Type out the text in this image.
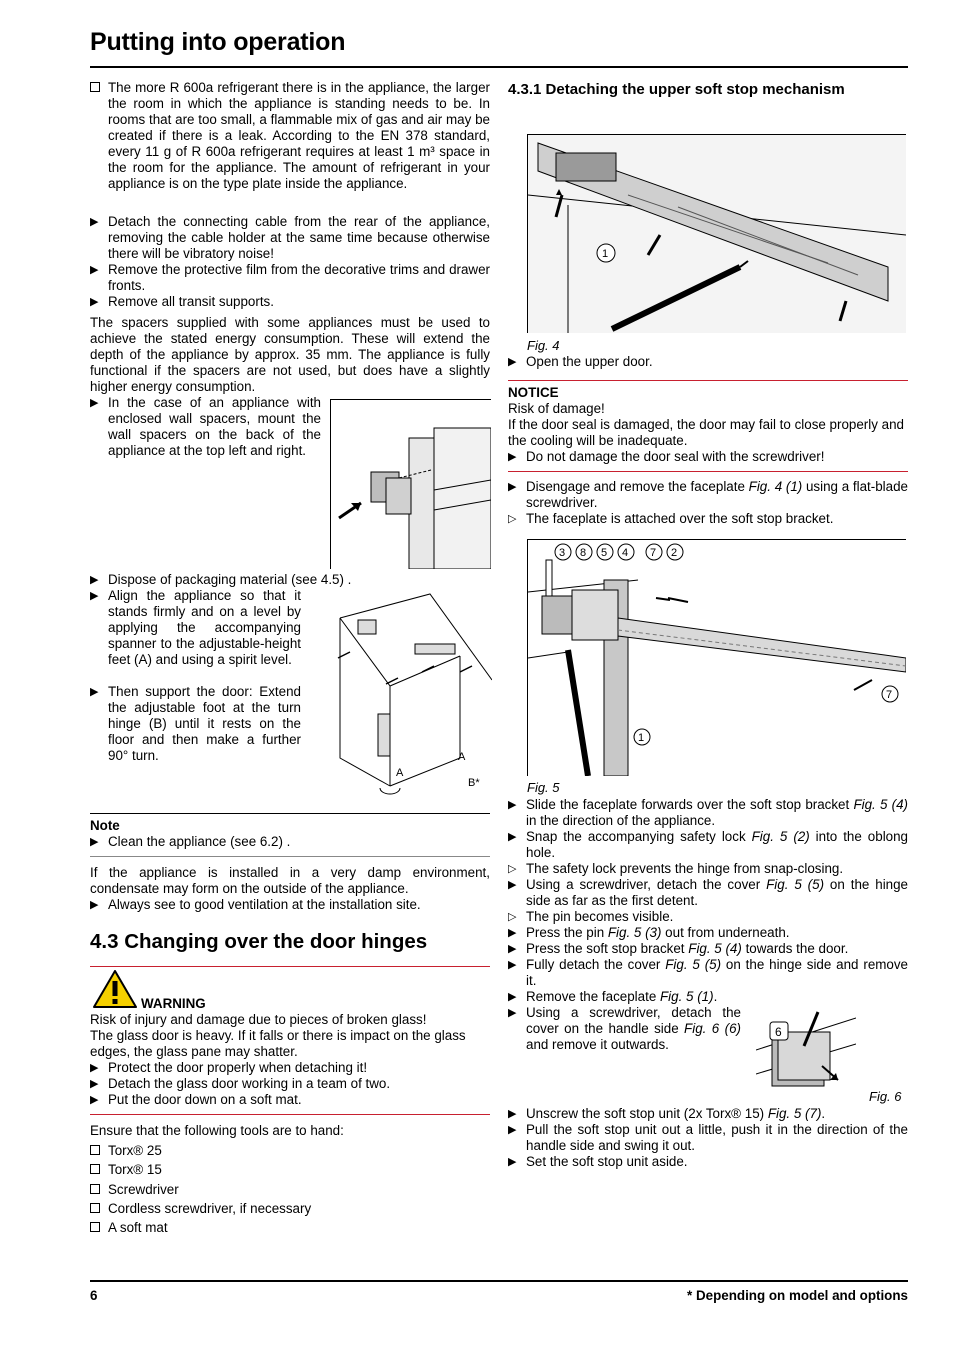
Putting into operation
The more R 600a refrigerant there is in the appliance, the larger the room in which the appliance is standing needs to be. In rooms that are too small, a flammable mix of gas and air may be created if there is a leak. According to the EN 378 standard, every 11 g of R 600a refrigerant requires at least 1 m³ space in the room for the appliance. The amount of refrigerant in your appliance is on the type plate inside the appliance.
▶ Detach the connecting cable from the rear of the appliance, removing the cable holder at the same time because otherwise there will be vibratory noise!
▶ Remove the protective film from the decorative trims and drawer fronts.
▶ Remove all transit supports.
The spacers supplied with some appliances must be used to achieve the stated energy consumption. These will extend the depth of the appliance by approx. 35 mm. The appliance is fully functional if the spacers are not used, but does have a slightly higher energy consumption.
▶ In the case of an appliance with enclosed wall spacers, mount the wall spacers on the back of the appliance at the top left and right.
▶ Dispose of packaging material (see 4.5) .
▶ Align the appliance so that it stands firmly and on a level by applying the accompanying spanner to the adjustable-height feet (A) and using a spirit level.
▶ Then support the door: Extend the adjustable foot at the turn hinge (B) until it rests on the floor and then make a further 90° turn.
A
A
B*
Note
▶ Clean the appliance (see 6.2) .
If the appliance is installed in a very damp environment, condensate may form on the outside of the appliance.
▶ Always see to good ventilation at the installation site.
4.3 Changing over the door hinges
WARNING
Risk of injury and damage due to pieces of broken glass!
The glass door is heavy. If it falls or there is impact on the glass edges, the glass pane may shatter.
▶ Protect the door properly when detaching it!
▶ Detach the glass door working in a team of two.
▶ Put the door down on a soft mat.
Ensure that the following tools are to hand:
Torx® 25
Torx® 15
Screwdriver
Cordless screwdriver, if necessary
A soft mat
4.3.1 Detaching the upper soft stop mechanism
1
Fig. 4
▶ Open the upper door.
NOTICE
Risk of damage!
If the door seal is damaged, the door may fail to close properly and the cooling will be inadequate.
▶ Do not damage the door seal with the screwdriver!
▶ Disengage and remove the faceplate Fig. 4 (1) using a flat-blade screwdriver.
▷ The faceplate is attached over the soft stop bracket.
3 8 5 4 7 2
7
1
Fig. 5
▶ Slide the faceplate forwards over the soft stop bracket Fig. 5 (4) in the direction of the appliance.
▶ Snap the accompanying safety lock Fig. 5 (2) into the oblong hole.
▷ The safety lock prevents the hinge from snap-closing.
▶ Using a screwdriver, detach the cover Fig. 5 (5) on the hinge side as far as the first detent.
▷ The pin becomes visible.
▶ Press the pin Fig. 5 (3) out from underneath.
▶ Press the soft stop bracket Fig. 5 (4) towards the door.
▶ Fully detach the cover Fig. 5 (5) on the hinge side and remove it.
▶ Remove the faceplate Fig. 5 (1).
▶ Using a screwdriver, detach the cover on the handle side Fig. 6 (6) and remove it outwards.
6
Fig. 6
▶ Unscrew the soft stop unit (2x Torx® 15) Fig. 5 (7).
▶ Pull the soft stop unit out a little, push it in the direction of the handle side and swing it out.
▶ Set the soft stop unit aside.
6	* Depending on model and options
